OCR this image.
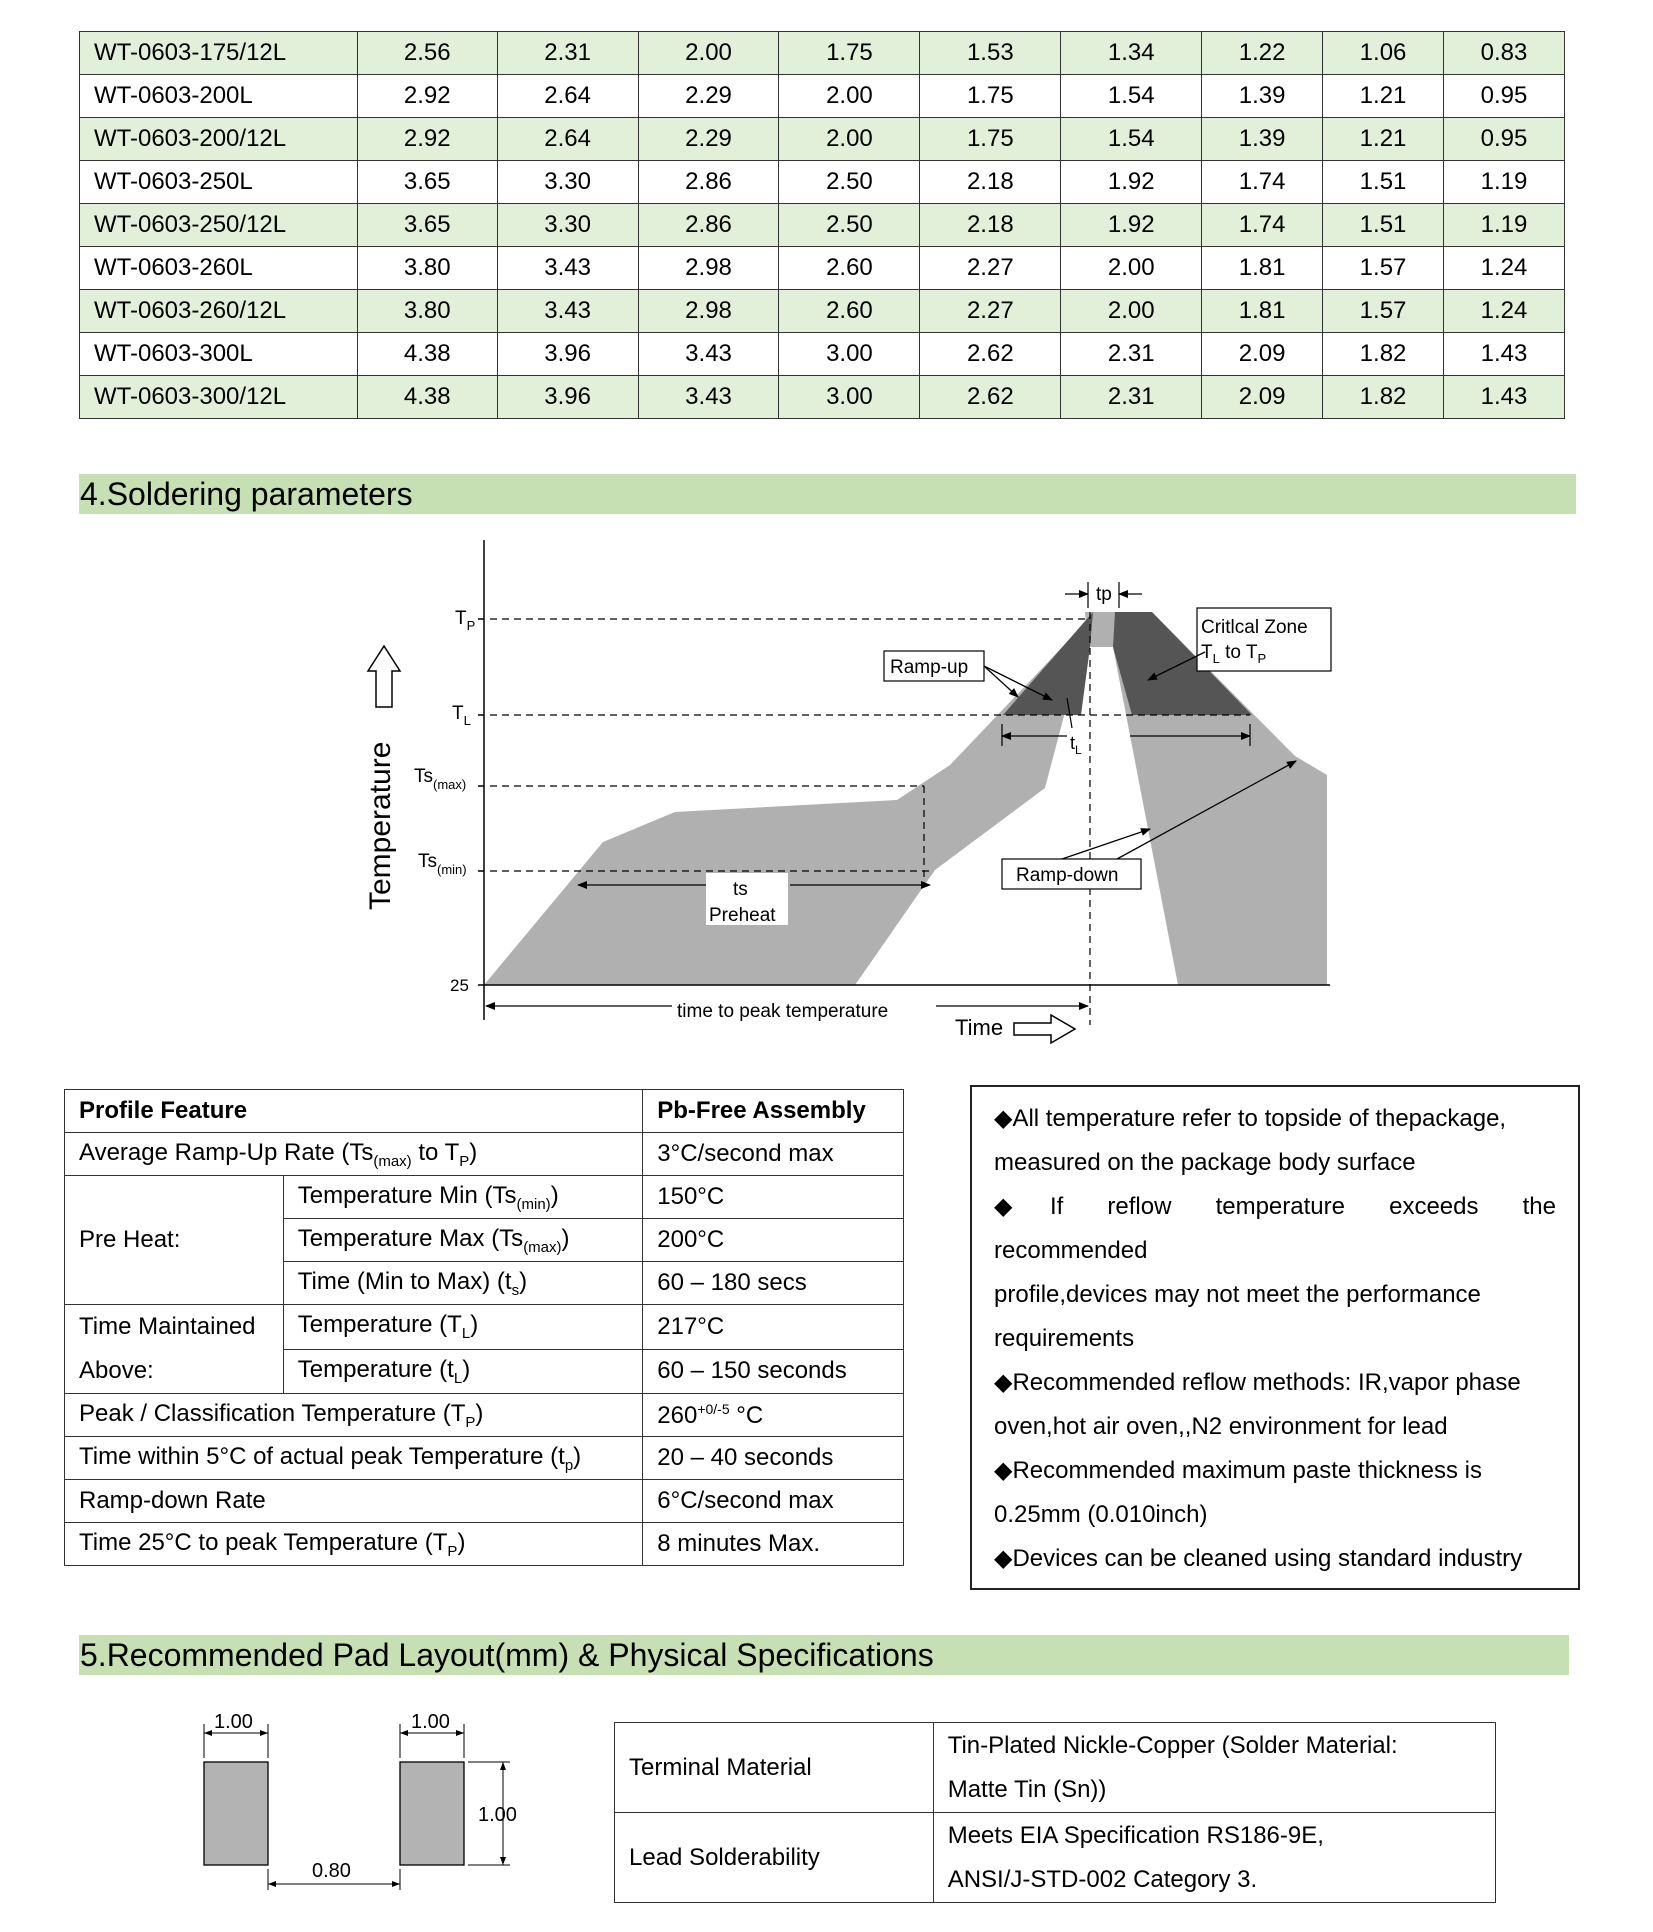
WT-0603-175/12L	2.56	2.31	2.00	1.75	1.53	1.34	1.22	1.06	0.83
WT-0603-200L	2.92	2.64	2.29	2.00	1.75	1.54	1.39	1.21	0.95
WT-0603-200/12L	2.92	2.64	2.29	2.00	1.75	1.54	1.39	1.21	0.95
WT-0603-250L	3.65	3.30	2.86	2.50	2.18	1.92	1.74	1.51	1.19
WT-0603-250/12L	3.65	3.30	2.86	2.50	2.18	1.92	1.74	1.51	1.19
WT-0603-260L	3.80	3.43	2.98	2.60	2.27	2.00	1.81	1.57	1.24
WT-0603-260/12L	3.80	3.43	2.98	2.60	2.27	2.00	1.81	1.57	1.24
WT-0603-300L	4.38	3.96	3.43	3.00	2.62	2.31	2.09	1.82	1.43
WT-0603-300/12L	4.38	3.96	3.43	3.00	2.62	2.31	2.09	1.82	1.43
4.Soldering parameters
$T_P$
$T_L$
$Ts_{(max)}$
$Ts_{(min)}$
25
Temperature
tp
Critlcal Zone
$T_L$ to $T_P$
Ramp-up
$t_L$
Ramp-down
ts
Preheat
time to peak temperature
Time
Profile Feature		Pb-Free Assembly
Average Ramp-Up Rate ($Ts_{(max)}$ to $T_P$)		3°C/second max
Pre Heat:	Temperature Min $(Ts_{(min)})$	150°C
	Temperature Max $(Ts_{(max)})$	200°C
	Time (Min to Max) $(t_s)$	60 – 180 secs
Time Maintained
Above:	Temperature $(T_L)$	217°C
	Temperature $(t_L)$	60 – 150 seconds
Peak / Classification Temperature $(T_P)$		$260^{+0/-5}$ °C
Time within 5°C of actual peak Temperature $(t_p)$		20 – 40 seconds
Ramp-down Rate		6°C/second max
Time 25°C to peak Temperature $(T_P)$		8 minutes Max.

◆All temperature refer to topside of thepackage,

measured on the package body surface

◆If reflow temperature exceeds the

recommended

profile,devices may not meet the performance

requirements

◆Recommended reflow methods: IR,vapor phase

oven,hot air oven,,N2 environment for lead

◆Recommended maximum paste thickness is

0.25mm (0.010inch)

◆Devices can be cleaned using standard industry

5.Recommended Pad Layout(mm) & Physical Specifications
1.00	1.00
1.00
0.80
Terminal Material	Tin-Plated Nickle-Copper (Solder Material:
Matte Tin (Sn))
Lead Solderability	Meets EIA Specification RS186-9E,
ANSI/J-STD-002 Category 3.
